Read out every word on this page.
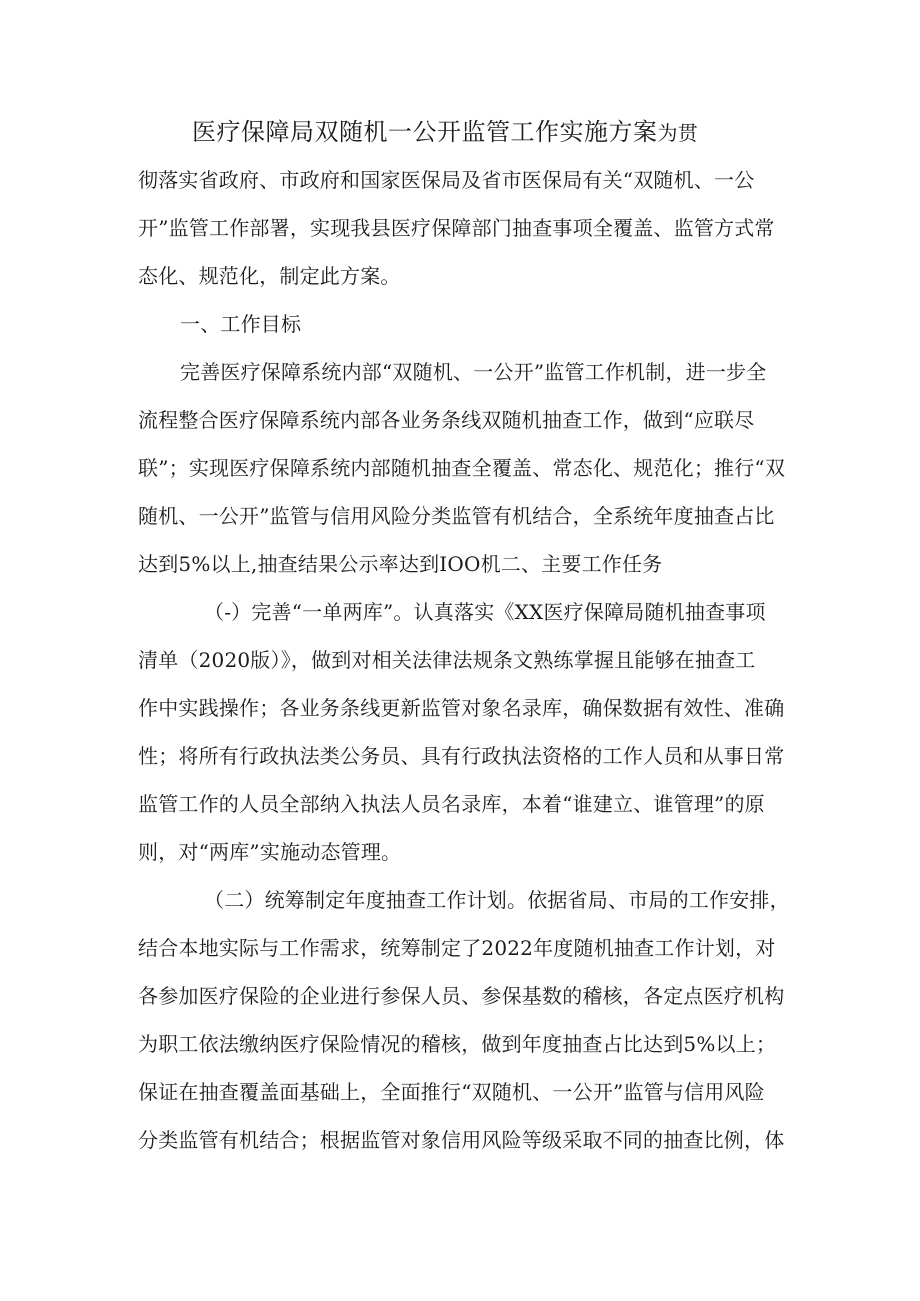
医疗保障局双随机一公开监管工作实施方案为贯
彻落实省政府、市政府和国家医保局及省市医保局有关“双随机、一公
开”监管工作部署，实现我县医疗保障部门抽查事项全覆盖、监管方式常
态化、规范化，制定此方案。
一、工作目标
完善医疗保障系统内部“双随机、一公开”监管工作机制，进一步全
流程整合医疗保障系统内部各业务条线双随机抽查工作，做到“应联尽
联”；实现医疗保障系统内部随机抽查全覆盖、常态化、规范化；推行“双
随机、一公开”监管与信用风险分类监管有机结合，全系统年度抽查占比
达到5%以上,抽查结果公示率达到IOO机二、主要工作任务
（-）完善“一单两库”。认真落实《XX医疗保障局随机抽查事项
清单（2020版）》，做到对相关法律法规条文熟练掌握且能够在抽查工
作中实践操作；各业务条线更新监管对象名录库，确保数据有效性、准确
性；将所有行政执法类公务员、具有行政执法资格的工作人员和从事日常
监管工作的人员全部纳入执法人员名录库，本着“谁建立、谁管理”的原
则，对“两库”实施动态管理。
（二）统筹制定年度抽查工作计划。依据省局、市局的工作安排，
结合本地实际与工作需求，统筹制定了2022年度随机抽查工作计划，对
各参加医疗保险的企业进行参保人员、参保基数的稽核，各定点医疗机构
为职工依法缴纳医疗保险情况的稽核，做到年度抽查占比达到5%以上；
保证在抽查覆盖面基础上，全面推行“双随机、一公开”监管与信用风险
分类监管有机结合；根据监管对象信用风险等级采取不同的抽查比例，体
